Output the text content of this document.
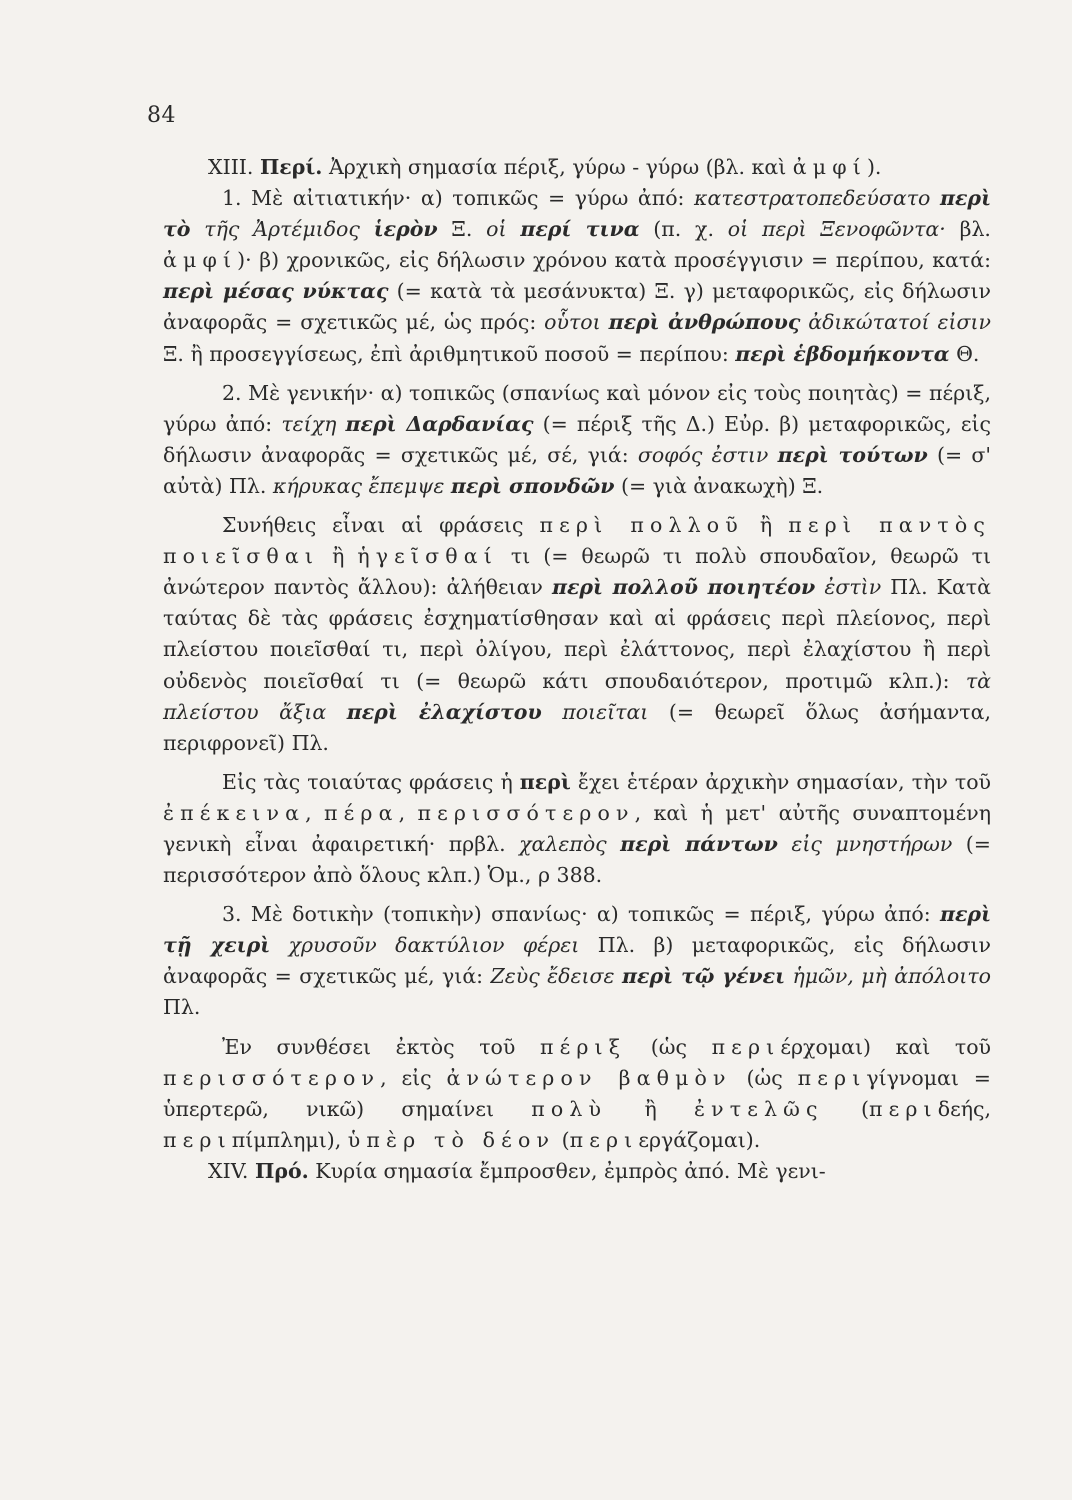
84

XIII. Περί. Ἀρχικὴ σημασία πέριξ, γύρω - γύρω (βλ. καὶ ἀμφί).

1. Μὲ αἰτιατικήν· α) τοπικῶς = γύρω ἀπό: κατεστρατοπεδεύσατο περὶ τὸ τῆς Ἀρτέμιδος ἱερὸν Ξ. οἱ περί τινα (π. χ. οἱ περὶ Ξενοφῶντα· βλ. ἀμφί)· β) χρονικῶς, εἰς δήλωσιν χρόνου κατὰ προσέγγισιν = περίπου, κατά: περὶ μέσας νύκτας (= κατὰ τὰ μεσάνυκτα) Ξ. γ) μεταφορικῶς, εἰς δήλωσιν ἀναφορᾶς = σχετικῶς μέ, ὡς πρός: οὗτοι περὶ ἀνθρώπους ἀδικώτατοί εἰσιν Ξ. ἢ προσεγγίσεως, ἐπὶ ἀριθμητικοῦ ποσοῦ = περίπου: περὶ ἑβδομήκοντα Θ.

2. Μὲ γενικήν· α) τοπικῶς (σπανίως καὶ μόνον εἰς τοὺς ποιητὰς) = πέριξ, γύρω ἀπό: τείχη περὶ Δαρδανίας (= πέριξ τῆς Δ.) Εὐρ. β) μεταφορικῶς, εἰς δήλωσιν ἀναφορᾶς = σχετικῶς μέ, σέ, γιά: σοφός ἐστιν περὶ τούτων (= σ' αὐτὰ) Πλ. κήρυκας ἔπεμψε περὶ σπονδῶν (= γιὰ ἀνακωχὴ) Ξ.

Συνήθεις εἶναι αἱ φράσεις περὶ πολλοῦ ἢ περὶ παντὸς ποιεῖσθαι ἢ ἡγεῖσθαί τι (= θεωρῶ τι πολὺ σπουδαῖον, θεωρῶ τι ἀνώτερον παντὸς ἄλλου): ἀλήθειαν περὶ πολλοῦ ποιητέον ἐστὶν Πλ. Κατὰ ταύτας δὲ τὰς φράσεις ἐσχηματίσθησαν καὶ αἱ φράσεις περὶ πλείονος, περὶ πλείστου ποιεῖσθαί τι, περὶ ὀλίγου, περὶ ἐλάττονος, περὶ ἐλαχίστου ἢ περὶ οὐδενὸς ποιεῖσθαί τι (= θεωρῶ κάτι σπουδαιότερον, προτιμῶ κλπ.): τὰ πλείστου ἄξια περὶ ἐλαχίστου ποιεῖται (= θεωρεῖ ὅλως ἀσήμαντα, περιφρονεῖ) Πλ.

Εἰς τὰς τοιαύτας φράσεις ἡ περὶ ἔχει ἑτέραν ἀρχικὴν σημασίαν, τὴν τοῦ ἐπέκεινα, πέρα, περισσότερον, καὶ ἡ μετ' αὐτῆς συναπτομένη γενικὴ εἶναι ἀφαιρετική· πρβλ. χαλεπὸς περὶ πάντων εἰς μνηστήρων (= περισσότερον ἀπὸ ὅλους κλπ.) Ὁμ., ρ 388.

3. Μὲ δοτικὴν (τοπικὴν) σπανίως· α) τοπικῶς = πέριξ, γύρω ἀπό: περὶ τῇ χειρὶ χρυσοῦν δακτύλιον φέρει Πλ. β) μεταφορικῶς, εἰς δήλωσιν ἀναφορᾶς = σχετικῶς μέ, γιά: Ζεὺς ἔδεισε περὶ τῷ γένει ἡμῶν, μὴ ἀπόλοιτο Πλ.

Ἐν συνθέσει ἐκτὸς τοῦ πέριξ (ὡς περιέρχομαι) καὶ τοῦ περισσότερον, εἰς ἀνώτερον βαθμὸν (ὡς περιγίγνομαι = ὑπερτερῶ, νικῶ) σημαίνει πολὺ ἢ ἐντελῶς (περιδεής, περιπίμπλημι), ὑπὲρ τὸ δέον (περιεργάζομαι).

XIV. Πρό. Κυρία σημασία ἔμπροσθεν, ἐμπρὸς ἀπό. Μὲ γενι-
